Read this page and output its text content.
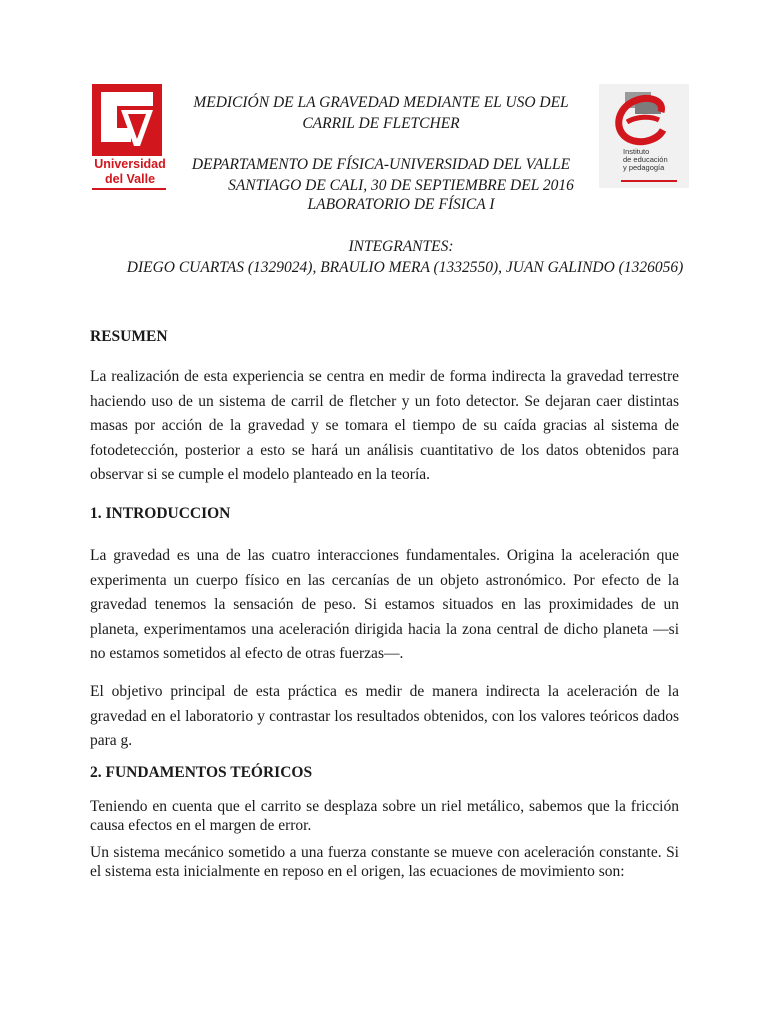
Universidad
del Valle
Instituto
de educación
y pedagogía
MEDICIÓN DE LA GRAVEDAD MEDIANTE EL USO DEL
CARRIL DE FLETCHER
DEPARTAMENTO DE FÍSICA-UNIVERSIDAD DEL VALLE
SANTIAGO DE CALI, 30 DE SEPTIEMBRE DEL 2016
LABORATORIO DE FÍSICA I
INTEGRANTES:
DIEGO CUARTAS (1329024), BRAULIO MERA (1332550), JUAN GALINDO (1326056)
RESUMEN
La realización de esta experiencia se centra en medir de forma indirecta la gravedad terrestre haciendo uso de un sistema de carril de fletcher y un foto detector. Se dejaran caer distintas masas por acción de la gravedad y se tomara el tiempo de su caída gracias al sistema de fotodetección, posterior a esto se hará un análisis cuantitativo de los datos obtenidos para observar si se cumple el modelo planteado en la teoría.
1. INTRODUCCION
La gravedad es una de las cuatro interacciones fundamentales. Origina la aceleración que experimenta un cuerpo físico en las cercanías de un objeto astronómico. Por efecto de la gravedad tenemos la sensación de peso. Si estamos situados en las proximidades de un planeta, experimentamos una aceleración dirigida hacia la zona central de dicho planeta —si no estamos sometidos al efecto de otras fuerzas—.
El objetivo principal de esta práctica es medir de manera indirecta la aceleración de la gravedad en el laboratorio y contrastar los resultados obtenidos, con los valores teóricos dados para g.
2. FUNDAMENTOS TEÓRICOS
Teniendo en cuenta que el carrito se desplaza sobre un riel metálico, sabemos que la fricción causa efectos en el margen de error.
Un sistema mecánico sometido a una fuerza constante se mueve con aceleración constante. Si el sistema esta inicialmente en reposo en el origen, las ecuaciones de movimiento son:
